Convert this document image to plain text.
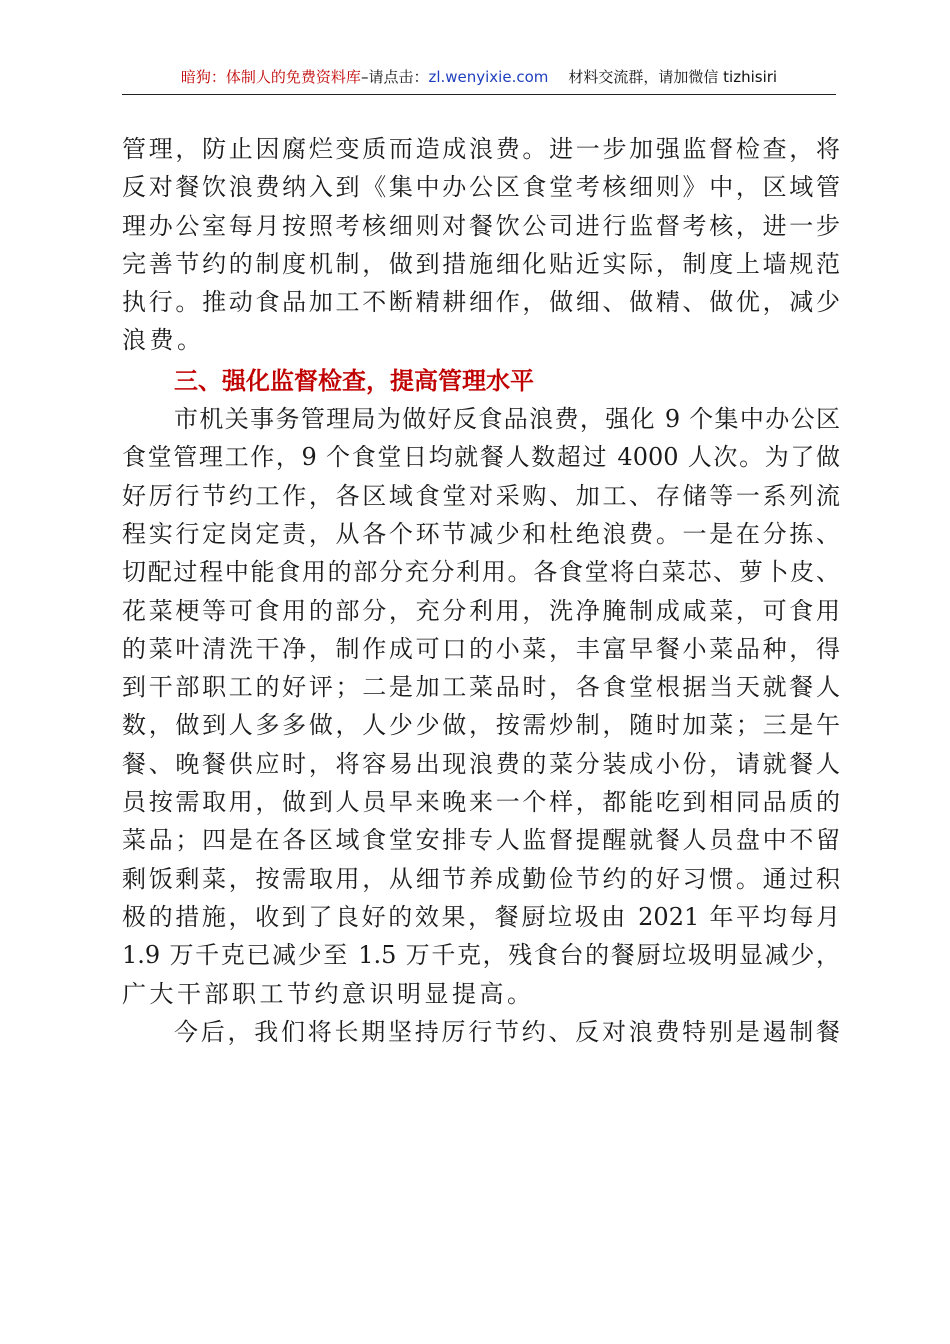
暗狗：体制人的免费资料库–请点击：zl.wenyixie.com 材料交流群，请加微信 tizhisiri
管理，防止因腐烂变质而造成浪费。进一步加强监督检查，将
反对餐饮浪费纳入到《集中办公区食堂考核细则》中，区域管
理办公室每月按照考核细则对餐饮公司进行监督考核，进一步
完善节约的制度机制，做到措施细化贴近实际，制度上墙规范
执行。推动食品加工不断精耕细作，做细、做精、做优，减少
浪费。
三、强化监督检查，提高管理水平
市机关事务管理局为做好反食品浪费，强化 9 个集中办公区
食堂管理工作，9 个食堂日均就餐人数超过 4000 人次。为了做
好厉行节约工作，各区域食堂对采购、加工、存储等一系列流
程实行定岗定责，从各个环节减少和杜绝浪费。一是在分拣、
切配过程中能食用的部分充分利用。各食堂将白菜芯、萝卜皮、
花菜梗等可食用的部分，充分利用，洗净腌制成咸菜，可食用
的菜叶清洗干净，制作成可口的小菜，丰富早餐小菜品种，得
到干部职工的好评；二是加工菜品时，各食堂根据当天就餐人
数，做到人多多做，人少少做，按需炒制，随时加菜；三是午
餐、晚餐供应时，将容易出现浪费的菜分装成小份，请就餐人
员按需取用，做到人员早来晚来一个样，都能吃到相同品质的
菜品；四是在各区域食堂安排专人监督提醒就餐人员盘中不留
剩饭剩菜，按需取用，从细节养成勤俭节约的好习惯。通过积
极的措施，收到了良好的效果，餐厨垃圾由 2021 年平均每月
1.9 万千克已减少至 1.5 万千克，残食台的餐厨垃圾明显减少，
广大干部职工节约意识明显提高。
今后，我们将长期坚持厉行节约、反对浪费特别是遏制餐
